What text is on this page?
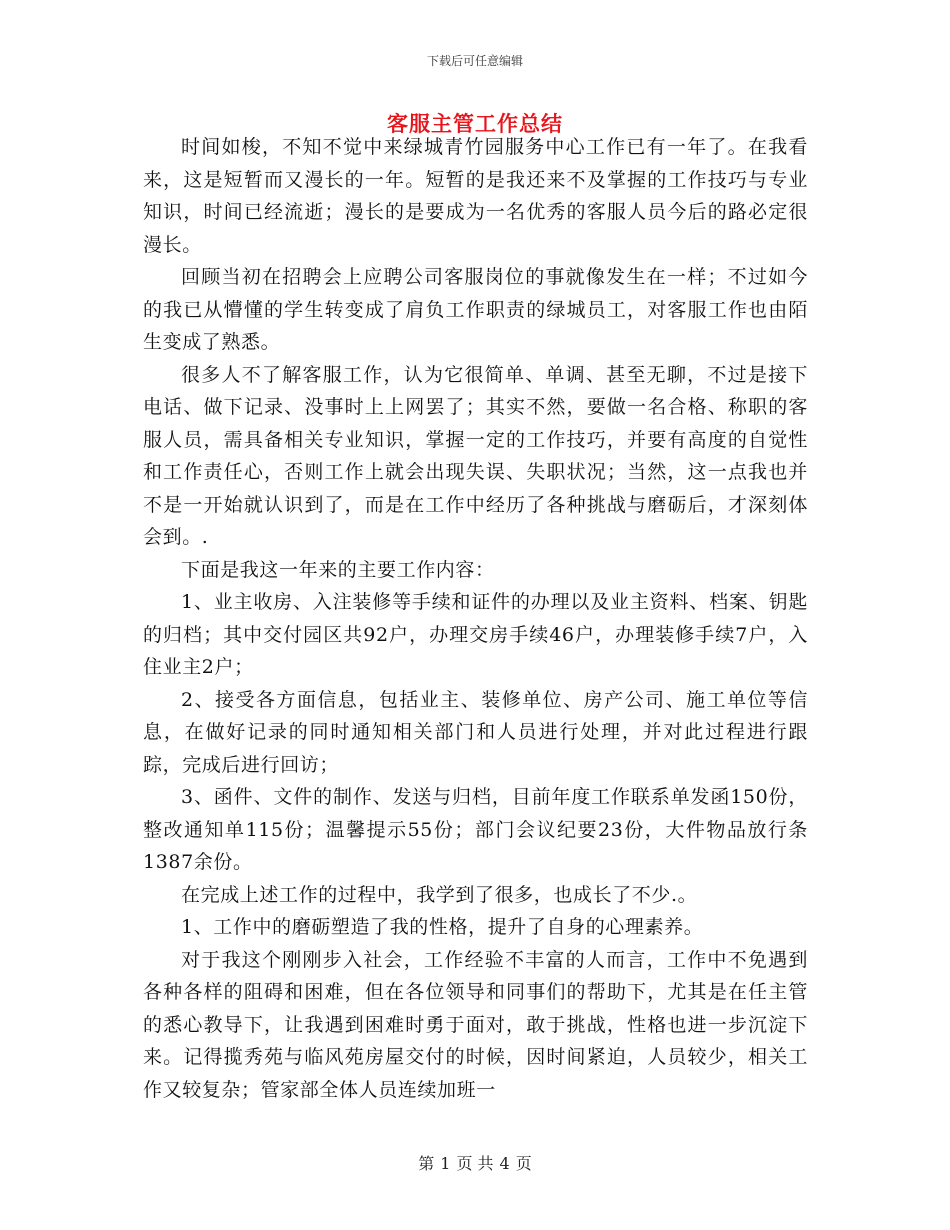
下载后可任意编辑
客服主管工作总结

时间如梭，不知不觉中来绿城青竹园服务中心工作已有一年了。在我看来，这是短暂而又漫长的一年。短暂的是我还来不及掌握的工作技巧与专业知识，时间已经流逝；漫长的是要成为一名优秀的客服人员今后的路必定很漫长。

回顾当初在招聘会上应聘公司客服岗位的事就像发生在一样；不过如今的我已从懵懂的学生转变成了肩负工作职责的绿城员工，对客服工作也由陌生变成了熟悉。

很多人不了解客服工作，认为它很简单、单调、甚至无聊，不过是接下电话、做下记录、没事时上上网罢了；其实不然，要做一名合格、称职的客服人员，需具备相关专业知识，掌握一定的工作技巧，并要有高度的自觉性和工作责任心，否则工作上就会出现失误、失职状况；当然，这一点我也并不是一开始就认识到了，而是在工作中经历了各种挑战与磨砺后，才深刻体会到。.

下面是我这一年来的主要工作内容：

1、业主收房、入注装修等手续和证件的办理以及业主资料、档案、钥匙的归档；其中交付园区共92户，办理交房手续46户，办理装修手续7户，入住业主2户；

2、接受各方面信息，包括业主、装修单位、房产公司、施工单位等信息，在做好记录的同时通知相关部门和人员进行处理，并对此过程进行跟踪，完成后进行回访；

3、函件、文件的制作、发送与归档，目前年度工作联系单发函150份，整改通知单115份；温馨提示55份；部门会议纪要23份，大件物品放行条1387余份。

在完成上述工作的过程中，我学到了很多，也成长了不少.。

1、工作中的磨砺塑造了我的性格，提升了自身的心理素养。

对于我这个刚刚步入社会，工作经验不丰富的人而言，工作中不免遇到各种各样的阻碍和困难，但在各位领导和同事们的帮助下，尤其是在任主管的悉心教导下，让我遇到困难时勇于面对，敢于挑战，性格也进一步沉淀下来。记得揽秀苑与临风苑房屋交付的时候，因时间紧迫，人员较少，相关工作又较复杂；管家部全体人员连续加班一

第 1 页 共 4 页
